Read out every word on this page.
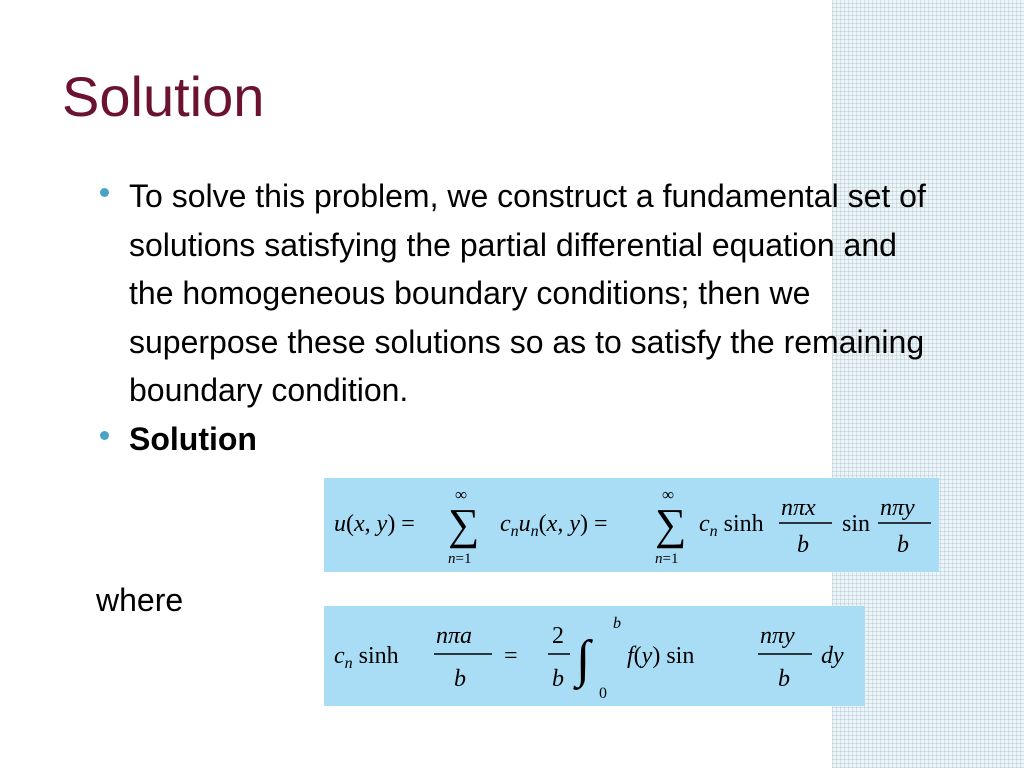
Solution
To solve this problem, we construct a fundamental set of solutions satisfying the partial differential equation and the homogeneous boundary conditions; then we superpose these solutions so as to satisfy the remaining boundary condition.
Solution
where
u(x, y) =
∞
∑
n=1
$c_nu_n(x$, y) =
∞
∑
n=1
$c_n$ sinh
nπx
b
sin
nπy
b
$c_n$ sinh
nπa
b
=
2
b ∫
b
0
f(y) sin
nπy
b
dy
